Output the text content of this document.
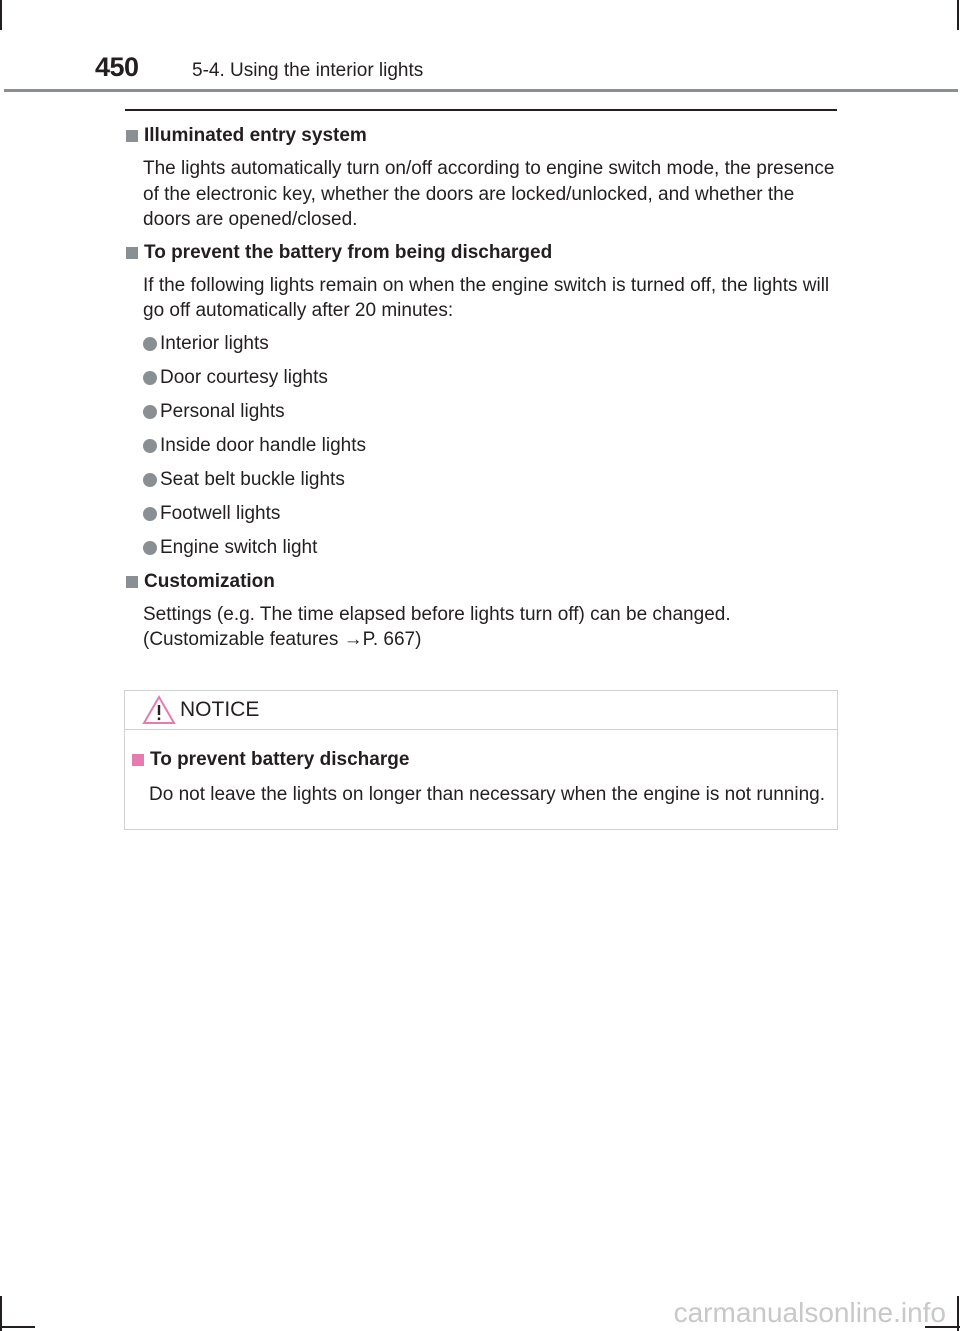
450	5-4. Using the interior lights
Illuminated entry system
The lights automatically turn on/off according to engine switch mode, the presence of the electronic key, whether the doors are locked/unlocked, and whether the doors are opened/closed.
To prevent the battery from being discharged
If the following lights remain on when the engine switch is turned off, the lights will go off automatically after 20 minutes:
Interior lights
Door courtesy lights
Personal lights
Inside door handle lights
Seat belt buckle lights
Footwell lights
Engine switch light
Customization
Settings (e.g. The time elapsed before lights turn off) can be changed.
(Customizable features →P. 667)
NOTICE
To prevent battery discharge
Do not leave the lights on longer than necessary when the engine is not running.
carmanualsonline.info
